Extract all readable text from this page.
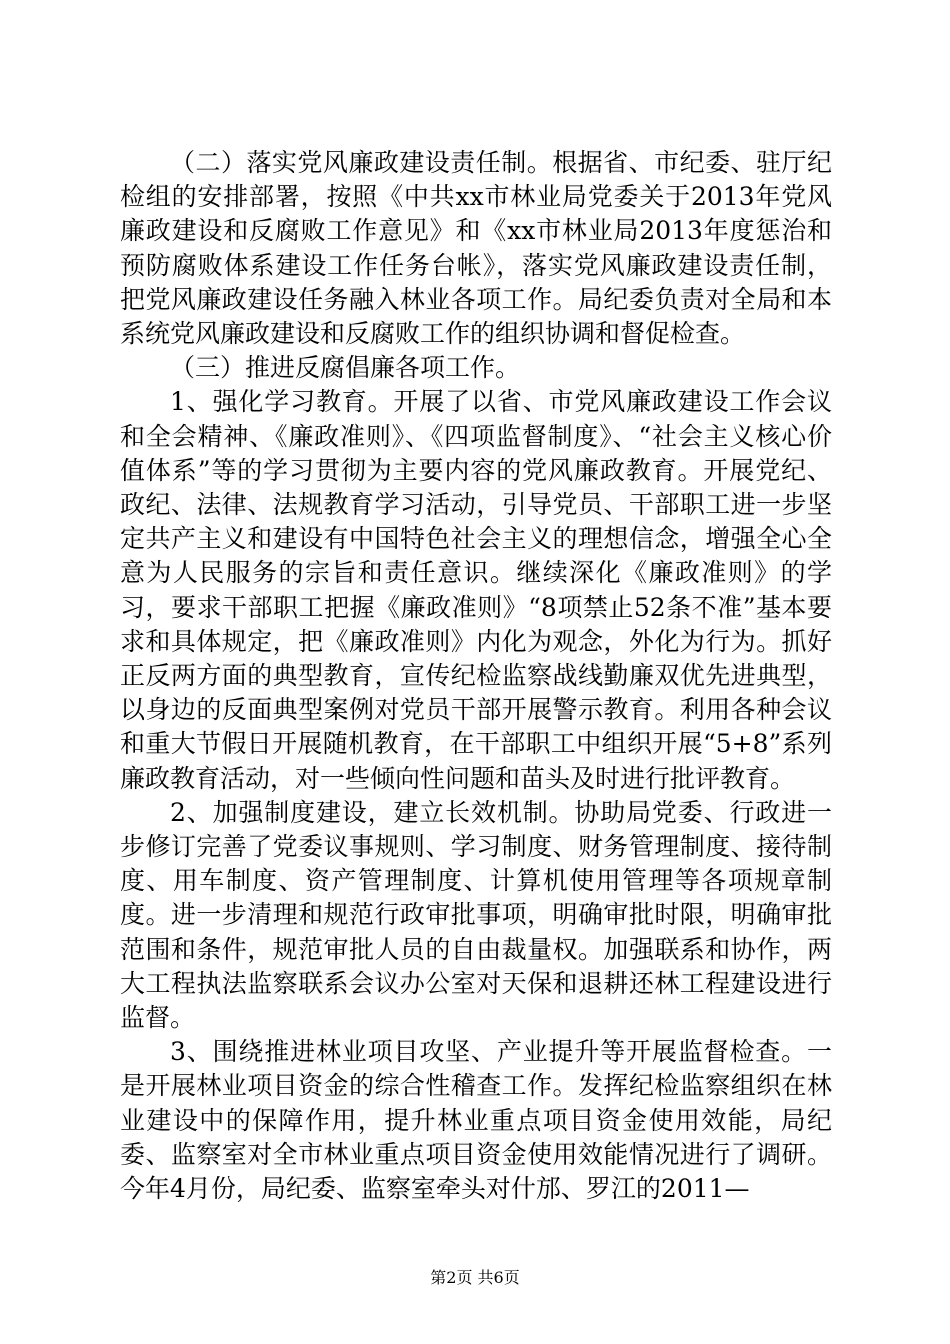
（二）落实党风廉政建设责任制。根据省、市纪委、驻厅纪检组的安排部署，按照《中共xx市林业局党委关于2013年党风廉政建设和反腐败工作意见》和《xx市林业局2013年度惩治和预防腐败体系建设工作任务台帐》，落实党风廉政建设责任制，把党风廉政建设任务融入林业各项工作。局纪委负责对全局和本系统党风廉政建设和反腐败工作的组织协调和督促检查。

（三）推进反腐倡廉各项工作。

1、强化学习教育。开展了以省、市党风廉政建设工作会议和全会精神、《廉政准则》、《四项监督制度》、“社会主义核心价值体系”等的学习贯彻为主要内容的党风廉政教育。开展党纪、政纪、法律、法规教育学习活动，引导党员、干部职工进一步坚定共产主义和建设有中国特色社会主义的理想信念，增强全心全意为人民服务的宗旨和责任意识。继续深化《廉政准则》的学习，要求干部职工把握《廉政准则》“8项禁止52条不准”基本要求和具体规定，把《廉政准则》内化为观念，外化为行为。抓好正反两方面的典型教育，宣传纪检监察战线勤廉双优先进典型，以身边的反面典型案例对党员干部开展警示教育。利用各种会议和重大节假日开展随机教育，在干部职工中组织开展“5+8”系列廉政教育活动，对一些倾向性问题和苗头及时进行批评教育。

2、加强制度建设，建立长效机制。协助局党委、行政进一步修订完善了党委议事规则、学习制度、财务管理制度、接待制度、用车制度、资产管理制度、计算机使用管理等各项规章制度。进一步清理和规范行政审批事项，明确审批时限，明确审批范围和条件，规范审批人员的自由裁量权。加强联系和协作，两大工程执法监察联系会议办公室对天保和退耕还林工程建设进行监督。

3、围绕推进林业项目攻坚、产业提升等开展监督检查。一是开展林业项目资金的综合性稽查工作。发挥纪检监察组织在林业建设中的保障作用，提升林业重点项目资金使用效能，局纪委、监察室对全市林业重点项目资金使用效能情况进行了调研。今年4月份，局纪委、监察室牵头对什邡、罗江的2011—

第2页 共6页
